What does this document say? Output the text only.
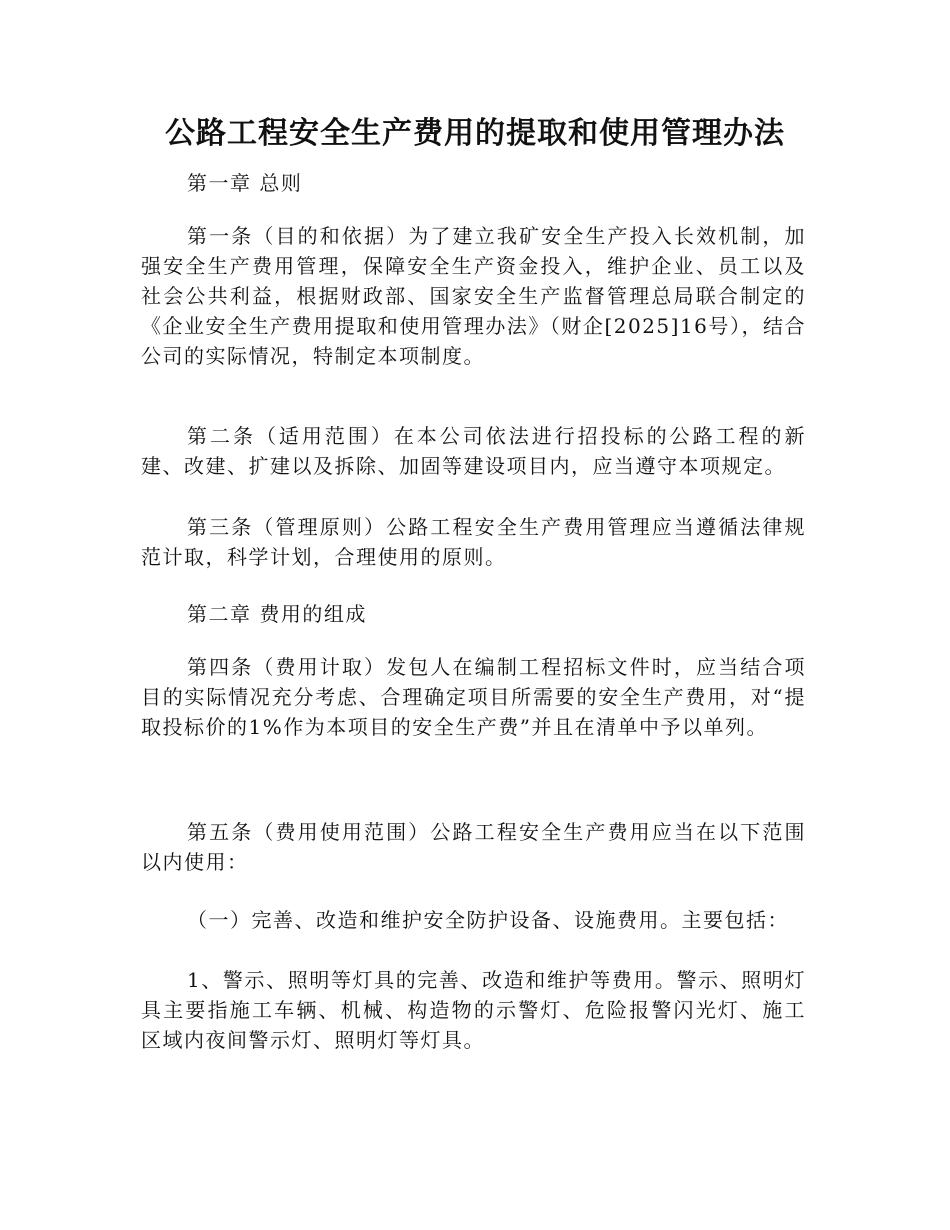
公路工程安全生产费用的提取和使用管理办法

第一章 总则

第一条（目的和依据）为了建立我矿安全生产投入长效机制，加强安全生产费用管理，保障安全生产资金投入，维护企业、员工以及社会公共利益，根据财政部、国家安全生产监督管理总局联合制定的《企业安全生产费用提取和使用管理办法》（财企[2025]16号），结合公司的实际情况，特制定本项制度。

第二条（适用范围）在本公司依法进行招投标的公路工程的新建、改建、扩建以及拆除、加固等建设项目内，应当遵守本项规定。

第三条（管理原则）公路工程安全生产费用管理应当遵循法律规范计取，科学计划，合理使用的原则。

第二章 费用的组成

第四条（费用计取）发包人在编制工程招标文件时，应当结合项目的实际情况充分考虑、合理确定项目所需要的安全生产费用，对“提取投标价的1%作为本项目的安全生产费”并且在清单中予以单列。

第五条（费用使用范围）公路工程安全生产费用应当在以下范围以内使用：

（一）完善、改造和维护安全防护设备、设施费用。主要包括：

1、警示、照明等灯具的完善、改造和维护等费用。警示、照明灯具主要指施工车辆、机械、构造物的示警灯、危险报警闪光灯、施工区域内夜间警示灯、照明灯等灯具。
